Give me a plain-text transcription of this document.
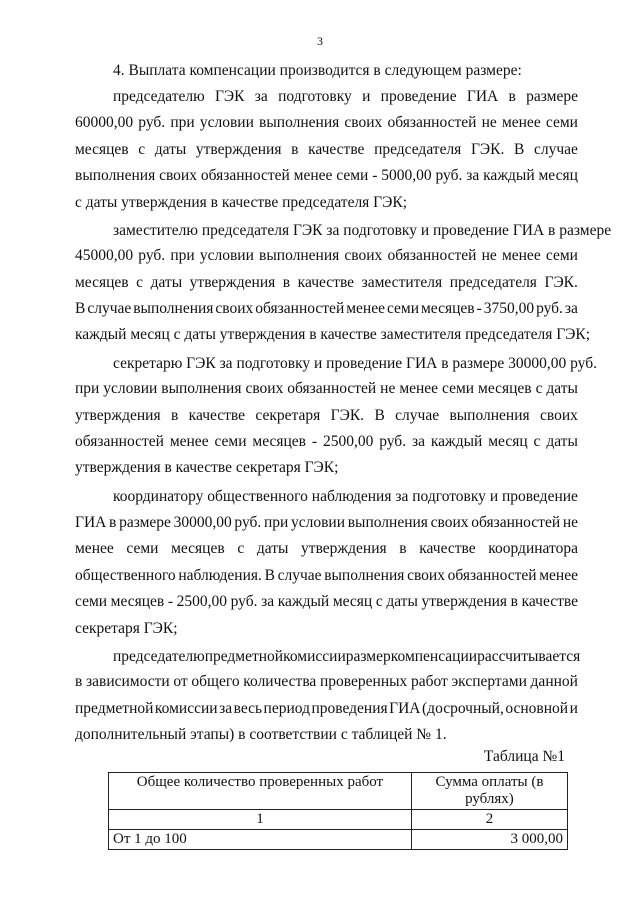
3
4. Выплата компенсации производится в следующем размере:
председателю ГЭК за подготовку и проведение ГИА в размере
60000,00 руб. при условии выполнения своих обязанностей не менее семи
месяцев с даты утверждения в качестве председателя ГЭК. В случае
выполнения своих обязанностей менее семи - 5000,00 руб. за каждый месяц
с даты утверждения в качестве председателя ГЭК;
заместителю председателя ГЭК за подготовку и проведение ГИА в размере
45000,00 руб. при условии выполнения своих обязанностей не менее семи
месяцев с даты утверждения в качестве заместителя председателя ГЭК.
В случае выполнения своих обязанностей менее семи месяцев - 3750,00 руб. за
каждый месяц с даты утверждения в качестве заместителя председателя ГЭК;
секретарю ГЭК за подготовку и проведение ГИА в размере 30000,00 руб.
при условии выполнения своих обязанностей не менее семи месяцев с даты
утверждения в качестве секретаря ГЭК. В случае выполнения своих
обязанностей менее семи месяцев - 2500,00 руб. за каждый месяц с даты
утверждения в качестве секретаря ГЭК;
координатору общественного наблюдения за подготовку и проведение
ГИА в размере 30000,00 руб. при условии выполнения своих обязанностей не
менее семи месяцев с даты утверждения в качестве координатора
общественного наблюдения. В случае выполнения своих обязанностей менее
семи месяцев - 2500,00 руб. за каждый месяц с даты утверждения в качестве
секретаря ГЭК;
председателю предметной комиссии размер компенсации рассчитывается
в зависимости от общего количества проверенных работ экспертами данной
предметной комиссии за весь период проведения ГИА (досрочный, основной и
дополнительный этапы) в соответствии с таблицей № 1.
Таблица №1
Общее количество проверенных работ	Сумма оплаты (в рублях)
1	2
От 1 до 100	3 000,00
